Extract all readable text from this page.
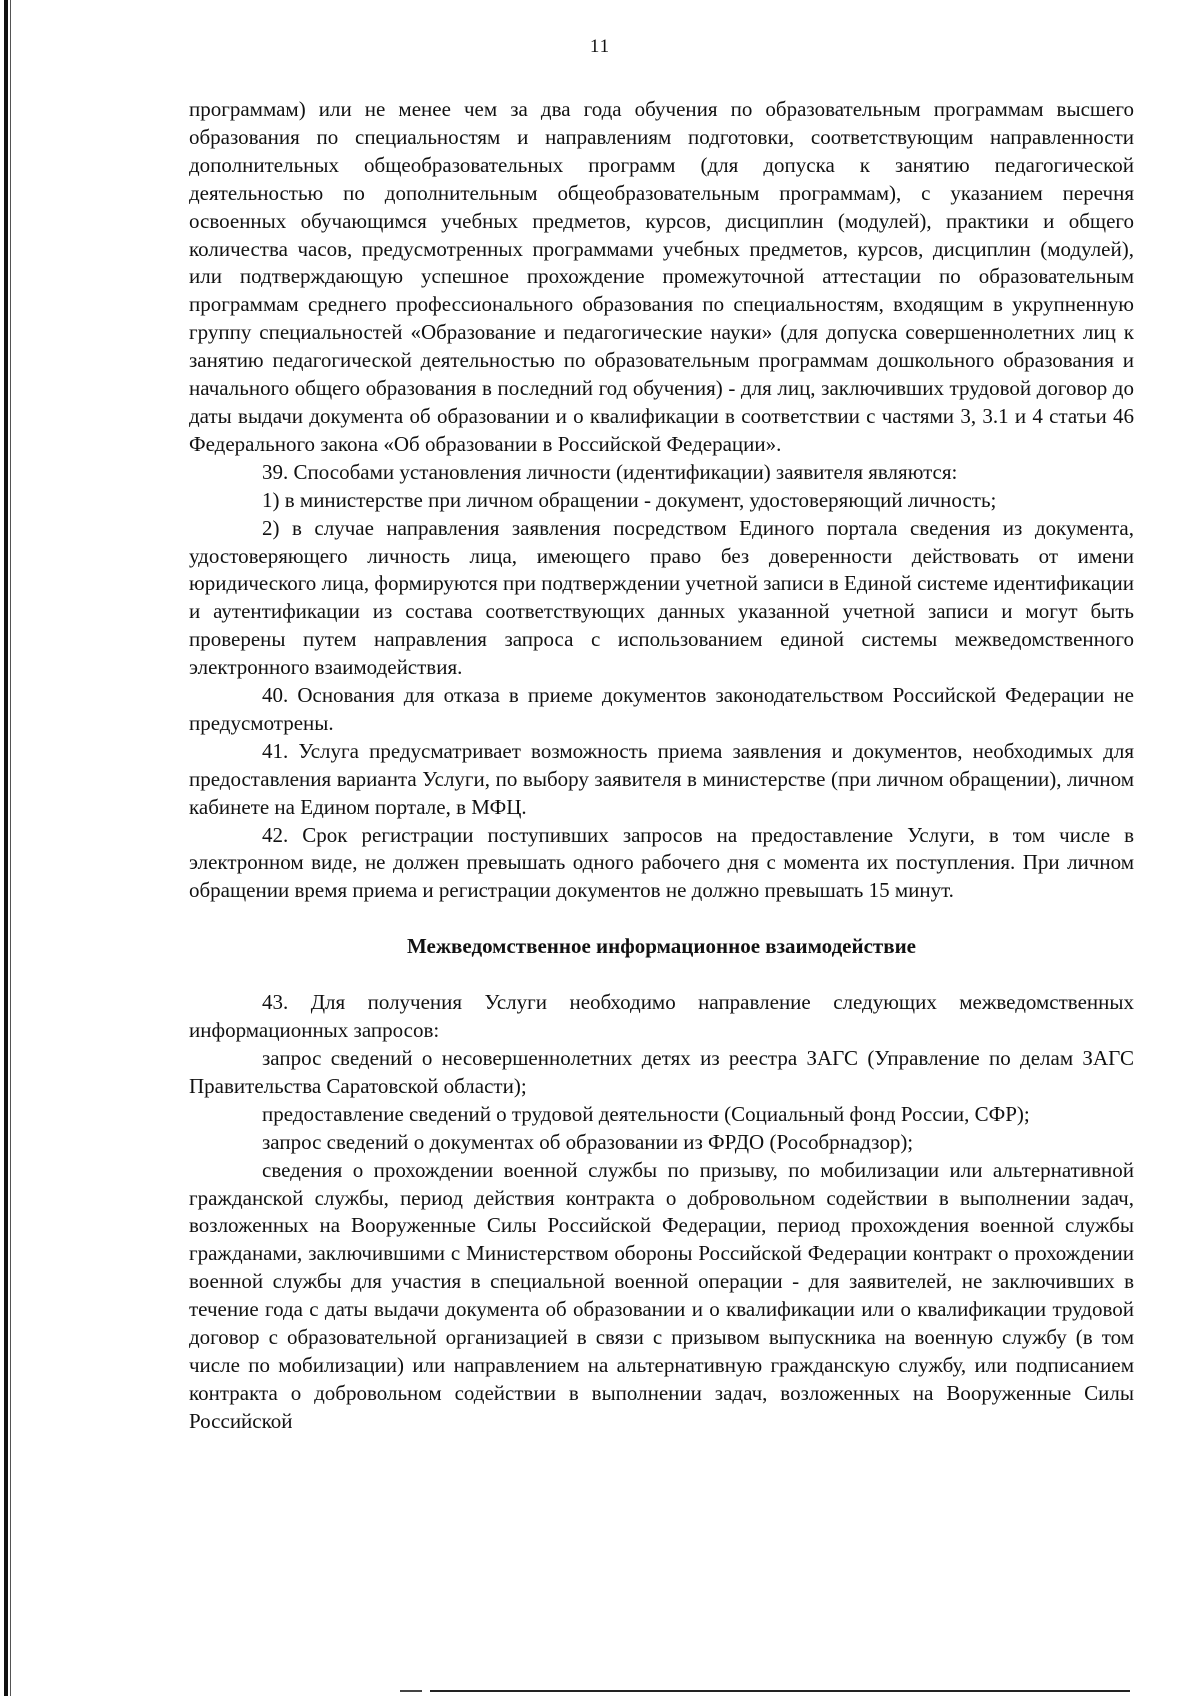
11

программам) или не менее чем за два года обучения по образовательным программам высшего образования по специальностям и направлениям подготовки, соответствующим направленности дополнительных общеобразовательных программ (для допуска к занятию педагогической деятельностью по дополнительным общеобразовательным программам), с указанием перечня освоенных обучающимся учебных предметов, курсов, дисциплин (модулей), практики и общего количества часов, предусмотренных программами учебных предметов, курсов, дисциплин (модулей), или подтверждающую успешное прохождение промежуточной аттестации по образовательным программам среднего профессионального образования по специальностям, входящим в укрупненную группу специальностей «Образование и педагогические науки» (для допуска совершеннолетних лиц к занятию педагогической деятельностью по образовательным программам дошкольного образования и начального общего образования в последний год обучения) - для лиц, заключивших трудовой договор до даты выдачи документа об образовании и о квалификации в соответствии с частями 3, 3.1 и 4 статьи 46 Федерального закона «Об образовании в Российской Федерации».

39. Способами установления личности (идентификации) заявителя являются:

1) в министерстве при личном обращении - документ, удостоверяющий личность;

2) в случае направления заявления посредством Единого портала сведения из документа, удостоверяющего личность лица, имеющего право без доверенности действовать от имени юридического лица, формируются при подтверждении учетной записи в Единой системе идентификации и аутентификации из состава соответствующих данных указанной учетной записи и могут быть проверены путем направления запроса с использованием единой системы межведомственного электронного взаимодействия.

40. Основания для отказа в приеме документов законодательством Российской Федерации не предусмотрены.

41. Услуга предусматривает возможность приема заявления и документов, необходимых для предоставления варианта Услуги, по выбору заявителя в министерстве (при личном обращении), личном кабинете на Едином портале, в МФЦ.

42. Срок регистрации поступивших запросов на предоставление Услуги, в том числе в электронном виде, не должен превышать одного рабочего дня с момента их поступления. При личном обращении время приема и регистрации документов не должно превышать 15 минут.

Межведомственное информационное взаимодействие

43. Для получения Услуги необходимо направление следующих межведомственных информационных запросов:

запрос сведений о несовершеннолетних детях из реестра ЗАГС (Управление по делам ЗАГС Правительства Саратовской области);

предоставление сведений о трудовой деятельности (Социальный фонд России, СФР);

запрос сведений о документах об образовании из ФРДО (Рособрнадзор);

сведения о прохождении военной службы по призыву, по мобилизации или альтернативной гражданской службы, период действия контракта о добровольном содействии в выполнении задач, возложенных на Вооруженные Силы Российской Федерации, период прохождения военной службы гражданами, заключившими с Министерством обороны Российской Федерации контракт о прохождении военной службы для участия в специальной военной операции - для заявителей, не заключивших в течение года с даты выдачи документа об образовании и о квалификации или о квалификации трудовой договор с образовательной организацией в связи с призывом выпускника на военную службу (в том числе по мобилизации) или направлением на альтернативную гражданскую службу, или подписанием контракта о добровольном содействии в выполнении задач, возложенных на Вооруженные Силы Российской
